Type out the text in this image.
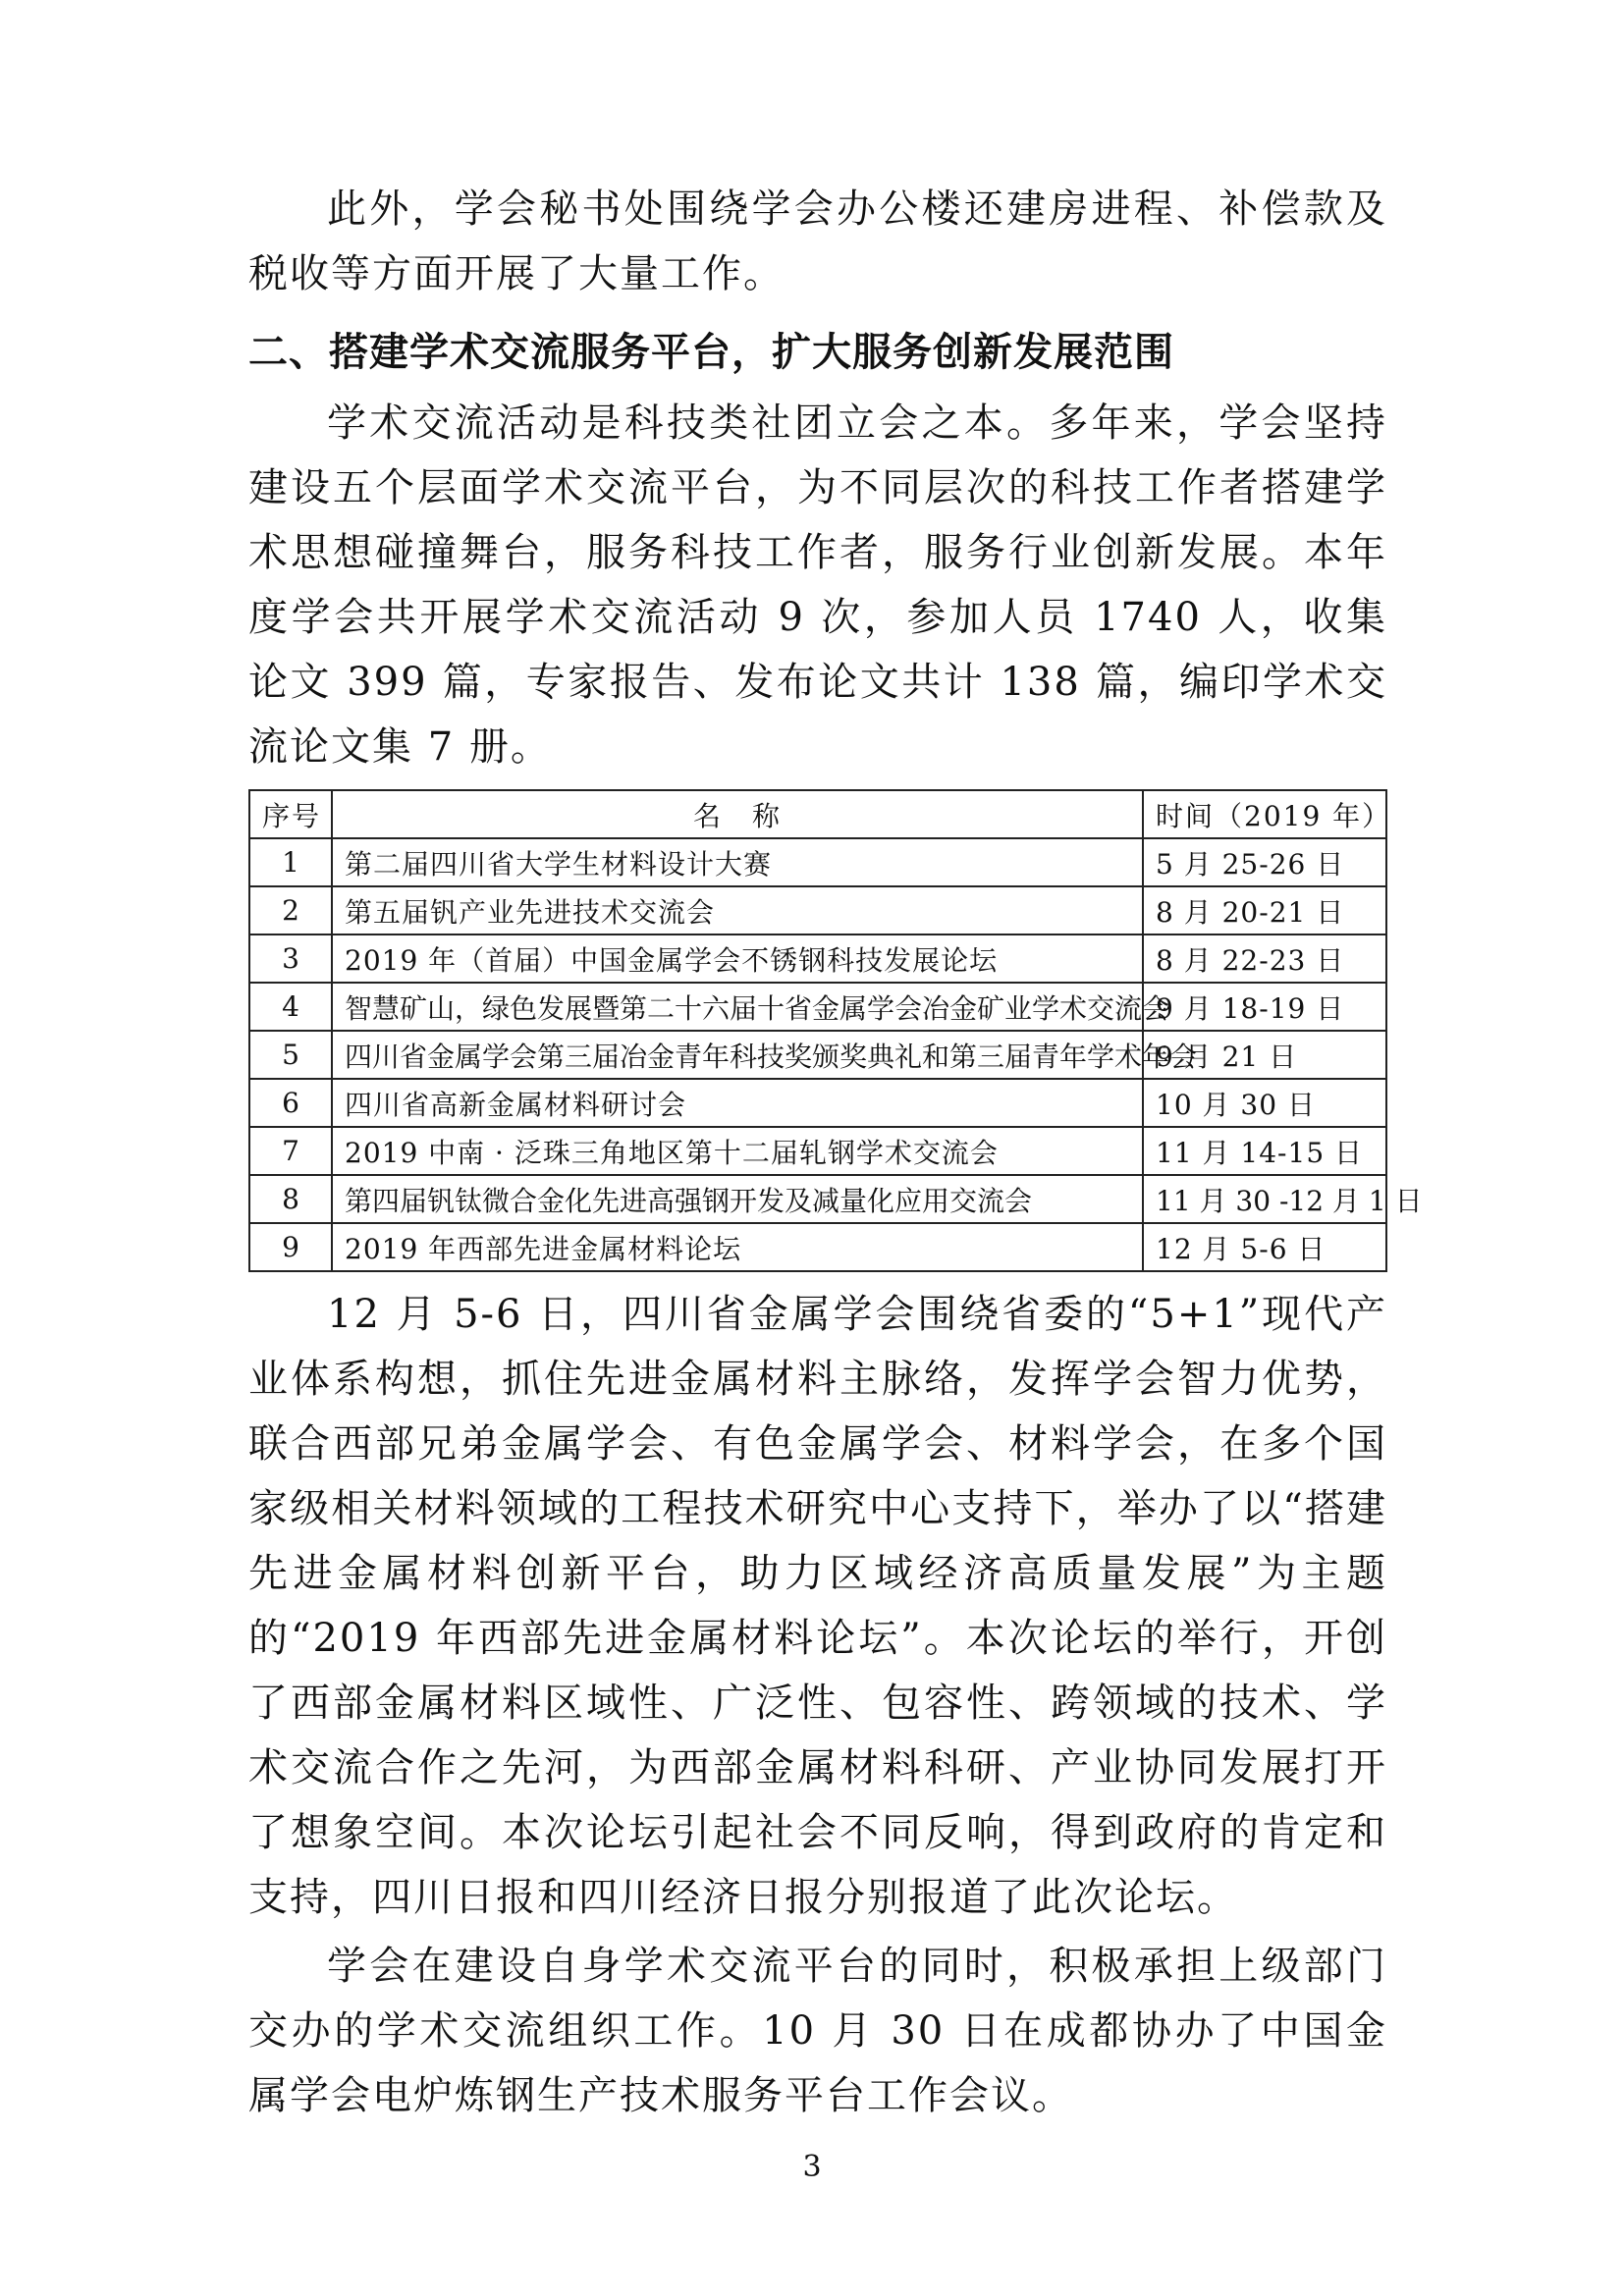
此外，学会秘书处围绕学会办公楼还建房进程、补偿款及税收等方面开展了大量工作。

二、搭建学术交流服务平台，扩大服务创新发展范围

学术交流活动是科技类社团立会之本。多年来，学会坚持建设五个层面学术交流平台，为不同层次的科技工作者搭建学术思想碰撞舞台，服务科技工作者，服务行业创新发展。本年度学会共开展学术交流活动 9 次，参加人员 1740 人，收集论文 399 篇，专家报告、发布论文共计 138 篇，编印学术交流论文集 7 册。

序号	名　称	时间（2019 年）
1	第二届四川省大学生材料设计大赛	5 月 25-26 日
2	第五届钒产业先进技术交流会	8 月 20-21 日
3	2019 年（首届）中国金属学会不锈钢科技发展论坛	8 月 22-23 日
4	智慧矿山，绿色发展暨第二十六届十省金属学会冶金矿业学术交流会	9 月 18-19 日
5	四川省金属学会第三届冶金青年科技奖颁奖典礼和第三届青年学术年会	9 月 21 日
6	四川省高新金属材料研讨会	10 月 30 日
7	2019 中南 · 泛珠三角地区第十二届轧钢学术交流会	11 月 14-15 日
8	第四届钒钛微合金化先进高强钢开发及减量化应用交流会	11 月 30 -12 月 1 日
9	2019 年西部先进金属材料论坛	12 月 5-6 日

12 月 5-6 日，四川省金属学会围绕省委的“5+1”现代产业体系构想，抓住先进金属材料主脉络，发挥学会智力优势，联合西部兄弟金属学会、有色金属学会、材料学会，在多个国家级相关材料领域的工程技术研究中心支持下，举办了以“搭建先进金属材料创新平台，助力区域经济高质量发展”为主题的“2019 年西部先进金属材料论坛”。本次论坛的举行，开创了西部金属材料区域性、广泛性、包容性、跨领域的技术、学术交流合作之先河，为西部金属材料科研、产业协同发展打开了想象空间。本次论坛引起社会不同反响，得到政府的肯定和支持，四川日报和四川经济日报分别报道了此次论坛。

学会在建设自身学术交流平台的同时，积极承担上级部门交办的学术交流组织工作。10 月 30 日在成都协办了中国金属学会电炉炼钢生产技术服务平台工作会议。

3
